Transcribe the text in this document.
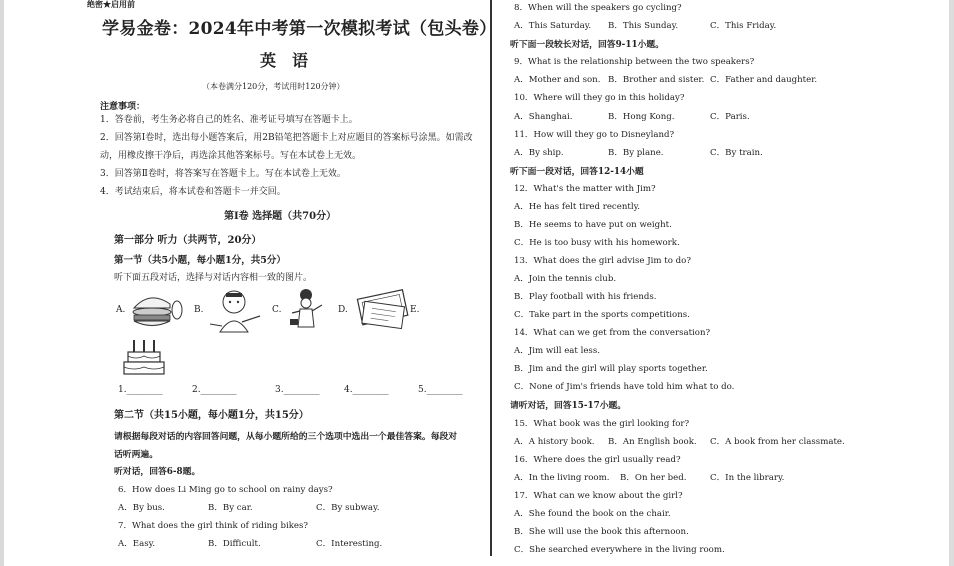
绝密★启用前
学易金卷：2024年中考第一次模拟考试（包头卷）
英语
（本卷满分120分，考试用时120分钟）
注意事项：
1．答卷前，考生务必将自己的姓名、准考证号填写在答题卡上。
2．回答第Ⅰ卷时，选出每小题答案后，用2B铅笔把答题卡上对应题目的答案标号涂黑。如需改动，用橡皮擦干净后，再选涂其他答案标号。写在本试卷上无效。
3．回答第Ⅱ卷时，将答案写在答题卡上。写在本试卷上无效。
4．考试结束后，将本试卷和答题卡一并交回。
第Ⅰ卷 选择题（共70分）
第一部分 听力（共两节，20分）
第一节（共5小题，每小题1分，共5分）
听下面五段对话，选择与对话内容相一致的图片。
A.	B.	C.	D.	E.
1.________	2.________	3.________	4.________	5.________
第二节（共15小题，每小题1分，共15分）
请根据每段对话的内容回答问题，从每小题所给的三个选项中选出一个最佳答案。每段对
话听两遍。
听对话，回答6-8题。
6．How does Li Ming go to school on rainy days?
A．By bus.	B．By car.	C．By subway.
7．What does the girl think of riding bikes?
A．Easy.	B．Difficult.	C．Interesting.
8．When will the speakers go cycling?
A．This Saturday. B．This Sunday.	C．This Friday.
听下面一段较长对话，回答9-11小题。
9．What is the relationship between the two speakers?
A．Mother and son. B．Brother and sister. C．Father and daughter.
10．Where will they go in this holiday?
A．Shanghai.	B．Hong Kong.	C．Paris.
11．How will they go to Disneyland?
A．By ship.	B．By plane.	C．By train.
听下面一段对话，回答12-14小题
12．What's the matter with Jim?
A．He has felt tired recently.
B．He seems to have put on weight.
C．He is too busy with his homework.
13．What does the girl advise Jim to do?
A．Join the tennis club.
B．Play football with his friends.
C．Take part in the sports competitions.
14．What can we get from the conversation?
A．Jim will eat less.
B．Jim and the girl will play sports together.
C．None of Jim's friends have told him what to do.
请听对话，回答15-17小题。
15．What book was the girl looking for?
A．A history book. B．An English book. C．A book from her classmate.
16．Where does the girl usually read?
A．In the living room. B．On her bed.	C．In the library.
17．What can we know about the girl?
A．She found the book on the chair.
B．She will use the book this afternoon.
C．She searched everywhere in the living room.
